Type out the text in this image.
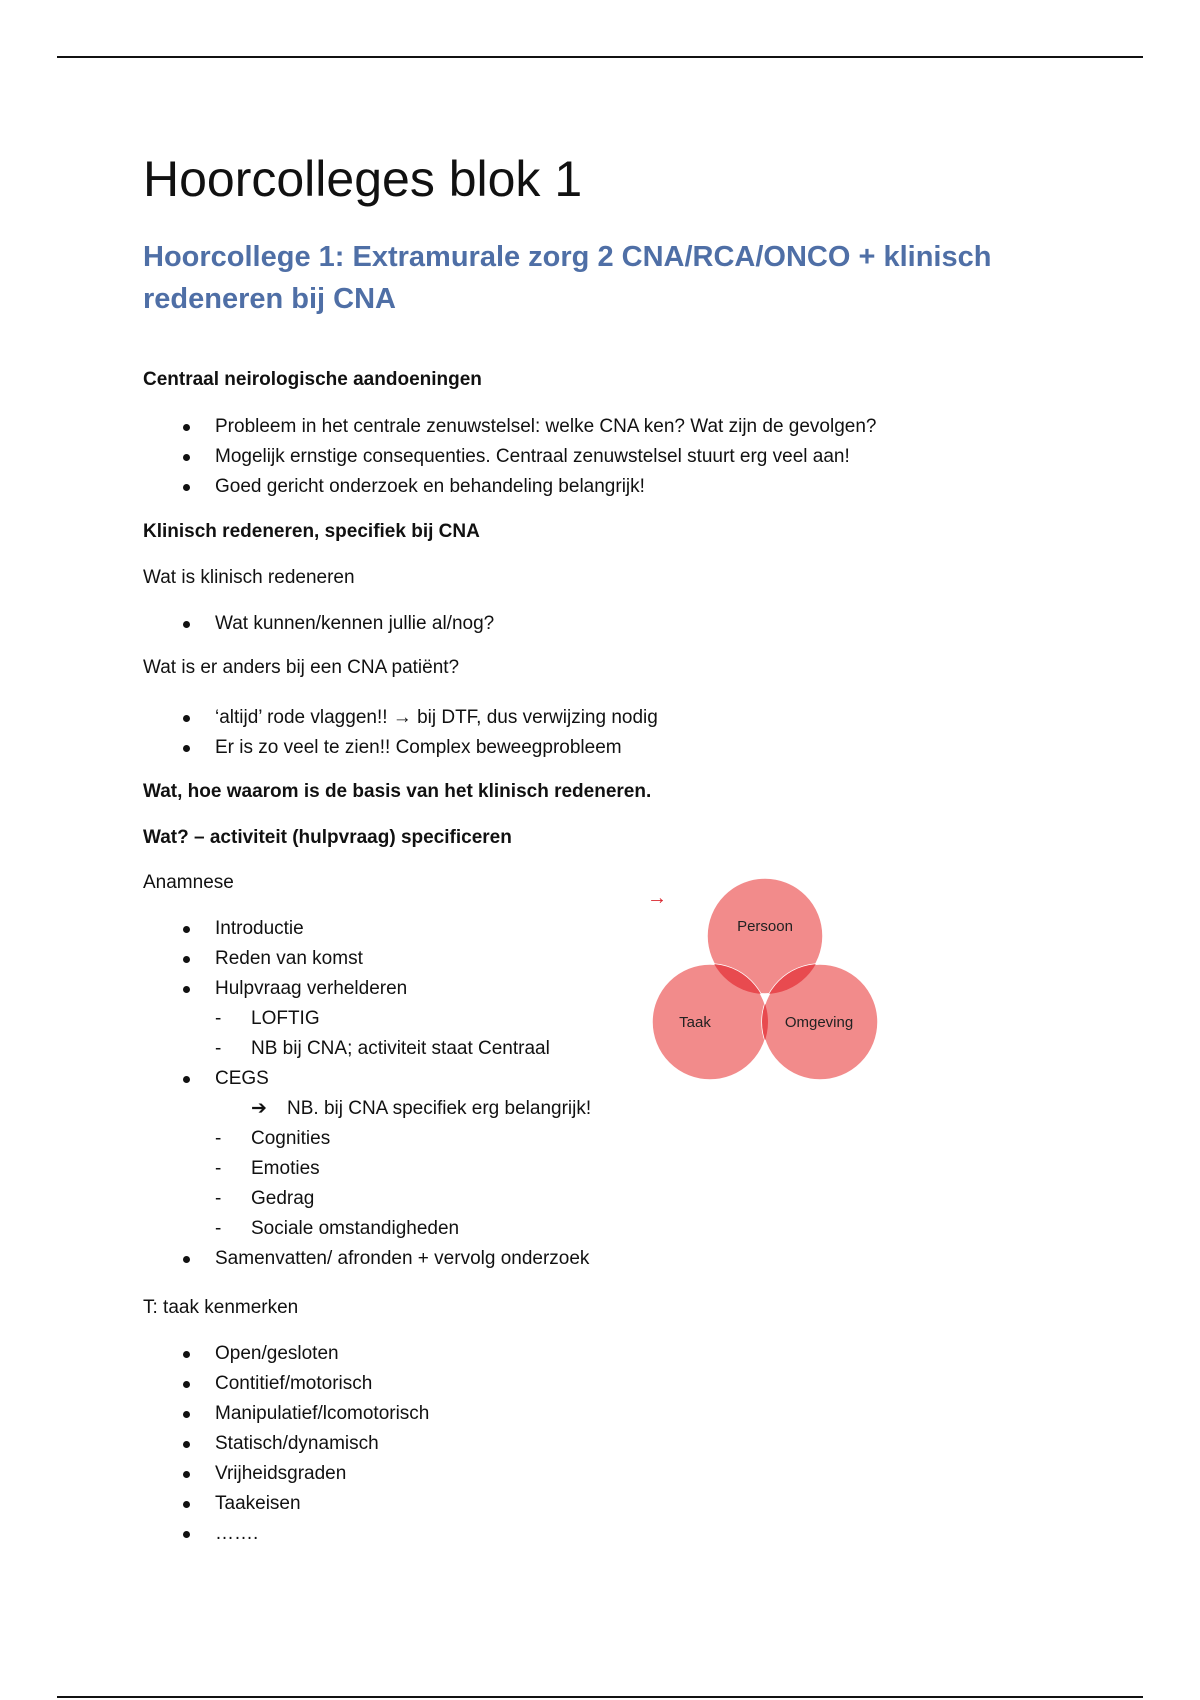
Hoorcolleges blok 1
Hoorcollege 1: Extramurale zorg 2 CNA/RCA/ONCO + klinisch redeneren bij CNA
Centraal neirologische aandoeningen
Probleem in het centrale zenuwstelsel: welke CNA ken? Wat zijn de gevolgen?
Mogelijk ernstige consequenties. Centraal zenuwstelsel stuurt erg veel aan!
Goed gericht onderzoek en behandeling belangrijk!
Klinisch redeneren, specifiek bij CNA
Wat is klinisch redeneren
Wat kunnen/kennen jullie al/nog?
Wat is er anders bij een CNA patiënt?
‘altijd’ rode vlaggen!! → bij DTF, dus verwijzing nodig
Er is zo veel te zien!! Complex beweegprobleem
Wat, hoe waarom is de basis van het klinisch redeneren.
Wat? – activiteit (hulpvraag) specificeren
Anamnese
Introductie
Reden van komst
Hulpvraag verhelderen
- LOFTIG
- NB bij CNA; activiteit staat Centraal
CEGS
➔ NB. bij CNA specifiek erg belangrijk!
- Cognities
- Emoties
- Gedrag
- Sociale omstandigheden
Samenvatten/ afronden + vervolg onderzoek
T: taak kenmerken
Open/gesloten
Contitief/motorisch
Manipulatief/lcomotorisch
Statisch/dynamisch
Vrijheidsgraden
Taakeisen
…….
→
Persoon
Taak	Omgeving
